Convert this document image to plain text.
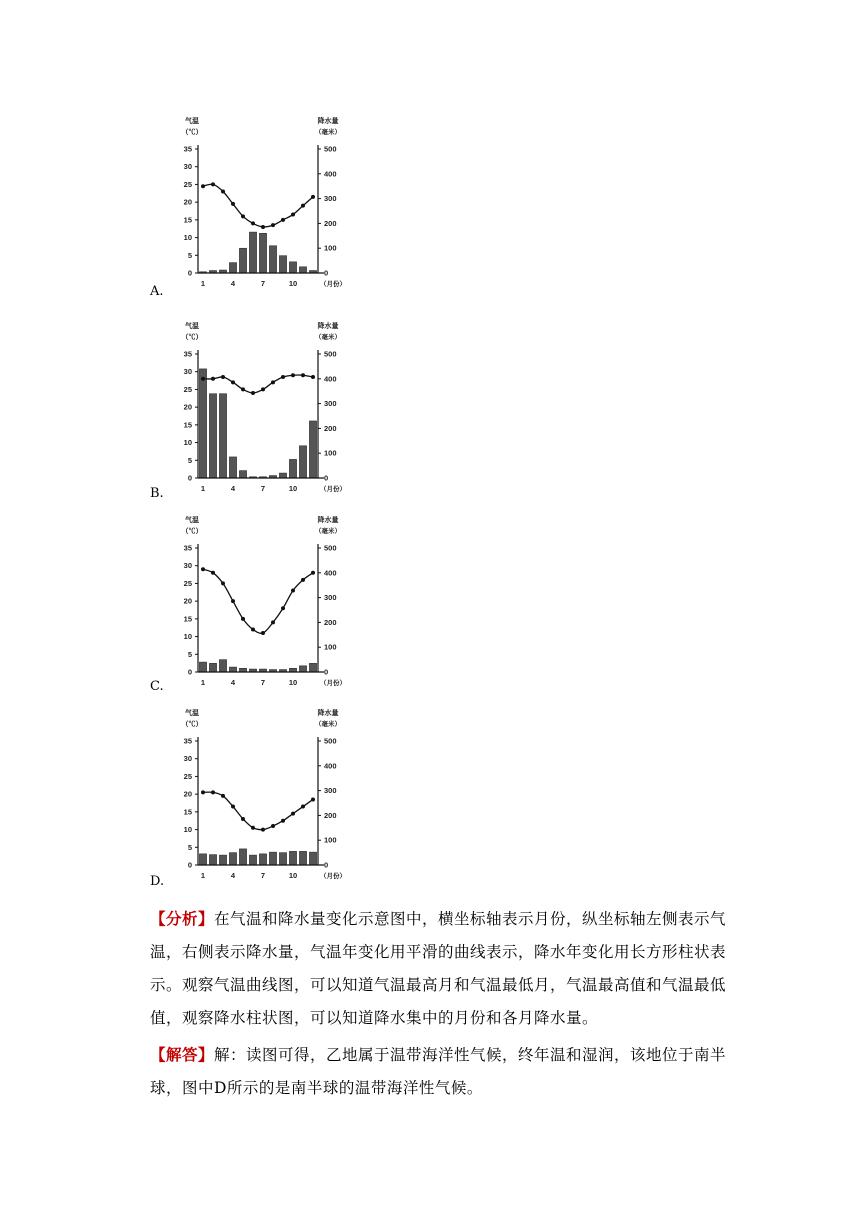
气温
（℃）
降水量
（毫米）
0
5
10
15
20
25
30
35
0
100
200
300
400
500
1	4	7	10	（月份）
A.
气温
（℃）
降水量
（毫米）
0
5
10
15
20
25
30
35
0
100
200
300
400
500
1	4	7	10	（月份）
B.
气温
（℃）
降水量
（毫米）
0
5
10
15
20
25
30
35
0
100
200
300
400
500
1	4	7	10	（月份）
C.
气温
（℃）
降水量
（毫米）
0
5
10
15
20
25
30
35
0
100
200
300
400
500
1	4	7	10	（月份）
D.
【分析】在气温和降水量变化示意图中，横坐标轴表示月份，纵坐标轴左侧表示气温，右侧表示降水量，气温年变化用平滑的曲线表示，降水年变化用长方形柱状表示。观察气温曲线图，可以知道气温最高月和气温最低月，气温最高值和气温最低值，观察降水柱状图，可以知道降水集中的月份和各月降水量。
【解答】解：读图可得，乙地属于温带海洋性气候，终年温和湿润，该地位于南半球，图中D所示的是南半球的温带海洋性气候。
